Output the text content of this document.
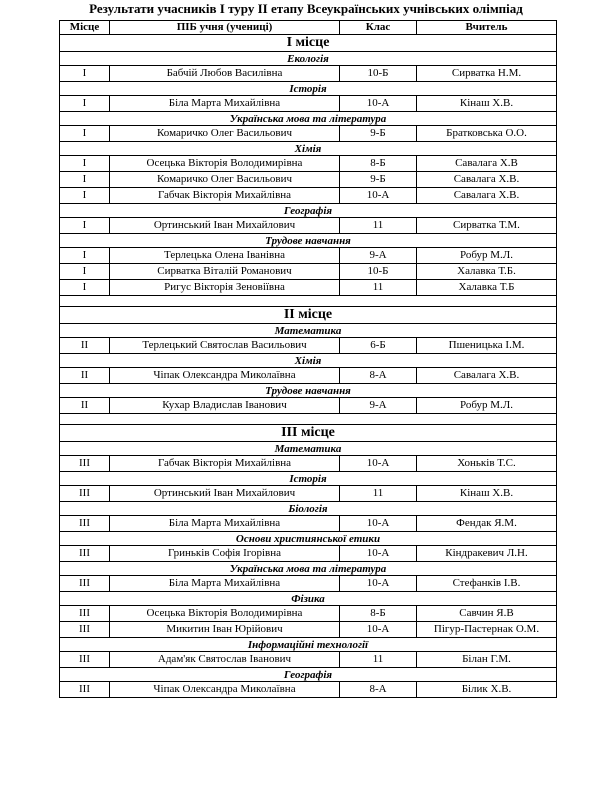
Результати учасників І туру ІІ етапу Всеукраїнських учнівських олімпіад
Місце	ПІБ учня (учениці)	Клас	Вчитель
І місце			
Екологія			
І	Бабчій Любов Василівна	10-Б	Сирватка Н.М.
Історія			
І	Біла Марта Михайлівна	10-А	Кінаш Х.В.
Українська мова та література			
І	Комаричко Олег Васильович	9-Б	Братковська О.О.
Хімія			
І	Осецька Вікторія Володимирівна	8-Б	Савалага Х.В
І	Комаричко Олег Васильович	9-Б	Савалага Х.В.
І	Габчак Вікторія Михайлівна	10-А	Савалага Х.В.
Географія			
І	Ортинський Іван Михайлович	11	Сирватка Т.М.
Трудове навчання			
І	Терлецька Олена Іванівна	9-А	Робур М.Л.
І	Сирватка Віталій Романович	10-Б	Халавка Т.Б.
І	Ригус Вікторія Зеновіївна	11	Халавка Т.Б

ІІ місце			
Математика			
ІІ	Терлецький Святослав Васильович	6-Б	Пшеницька І.М.
Хімія			
ІІ	Чіпак Олександра Миколаївна	8-А	Савалага Х.В.
Трудове навчання			
ІІ	Кухар Владислав Іванович	9-А	Робур М.Л.

ІІІ місце			
Математика			
ІІІ	Габчак Вікторія Михайлівна	10-А	Хоньків Т.С.
Історія			
ІІІ	Ортинський Іван Михайлович	11	Кінаш Х.В.
Біологія			
ІІІ	Біла Марта Михайлівна	10-А	Фендак Я.М.
Основи християнської етики			
ІІІ	Гриньків Софія Ігорівна	10-А	Кіндракевич Л.Н.
Українська мова та література			
ІІІ	Біла Марта Михайлівна	10-А	Стефанків І.В.
Фізика			
ІІІ	Осецька Вікторія Володимирівна	8-Б	Савчин Я.В
ІІІ	Микитин Іван Юрійович	10-А	Пігур-Пастернак О.М.
Інформаційні технології			
ІІІ	Адам'як Святослав Іванович	11	Білан Г.М.
Географія			
ІІІ	Чіпак Олександра Миколаївна	8-А	Білик Х.В.
